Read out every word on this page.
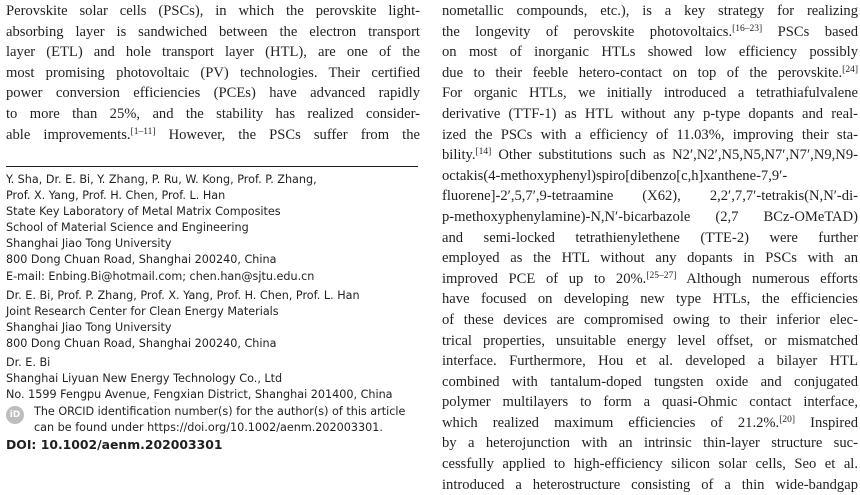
Perovskite solar cells (PSCs), in which the perovskite light-
absorbing layer is sandwiched between the electron transport
layer (ETL) and hole transport layer (HTL), are one of the
most promising photovoltaic (PV) technologies. Their certified
power conversion efficiencies (PCEs) have advanced rapidly
to more than 25%, and the stability has realized consider-
able improvements.[1–11] However, the PSCs suffer from the

Y. Sha, Dr. E. Bi, Y. Zhang, P. Ru, W. Kong, Prof. P. Zhang,
Prof. X. Yang, Prof. H. Chen, Prof. L. Han
State Key Laboratory of Metal Matrix Composites
School of Material Science and Engineering
Shanghai Jiao Tong University
800 Dong Chuan Road, Shanghai 200240, China
E-mail: Enbing.Bi@hotmail.com; chen.han@sjtu.edu.cn
Dr. E. Bi, Prof. P. Zhang, Prof. X. Yang, Prof. H. Chen, Prof. L. Han
Joint Research Center for Clean Energy Materials
Shanghai Jiao Tong University
800 Dong Chuan Road, Shanghai 200240, China
Dr. E. Bi
Shanghai Liyuan New Energy Technology Co., Ltd
No. 1599 Fengpu Avenue, Fengxian District, Shanghai 201400, China
iD	The ORCID identification number(s) for the author(s) of this article
can be found under https://doi.org/10.1002/aenm.202003301.
DOI: 10.1002/aenm.202003301

nometallic compounds, etc.), is a key strategy for realizing
the longevity of perovskite photovoltaics.[16–23] PSCs based
on most of inorganic HTLs showed low efficiency possibly
due to their feeble hetero-contact on top of the perovskite.[24]
For organic HTLs, we initially introduced a tetrathiafulvalene
derivative (TTF-1) as HTL without any p-type dopants and real-
ized the PSCs with a efficiency of 11.03%, improving their sta-
bility.[14] Other substitutions such as N2′,N2′,N5,N5,N7′,N7′,N9,N9-
octakis(4-methoxyphenyl)spiro[dibenzo[c,h]xanthene-7,9′-
fluorene]-2′,5,7′,9-tetraamine (X62), 2,2′,7,7′-tetrakis(N,N′-di-
p-methoxyphenylamine)-N,N′-bicarbazole (2,7 BCz-OMeTAD)
and semi-locked tetrathienylethene (TTE-2) were further
employed as the HTL without any dopants in PSCs with an
improved PCE of up to 20%.[25–27] Although numerous efforts
have focused on developing new type HTLs, the efficiencies
of these devices are compromised owing to their inferior elec-
trical properties, unsuitable energy level offset, or mismatched
interface. Furthermore, Hou et al. developed a bilayer HTL
combined with tantalum-doped tungsten oxide and conjugated
polymer multilayers to form a quasi-Ohmic contact interface,
which realized maximum efficiencies of 21.2%.[20] Inspired
by a heterojunction with an intrinsic thin-layer structure suc-
cessfully applied to high-efficiency silicon solar cells, Seo et al.
introduced a heterostructure consisting of a thin wide-bandgap
